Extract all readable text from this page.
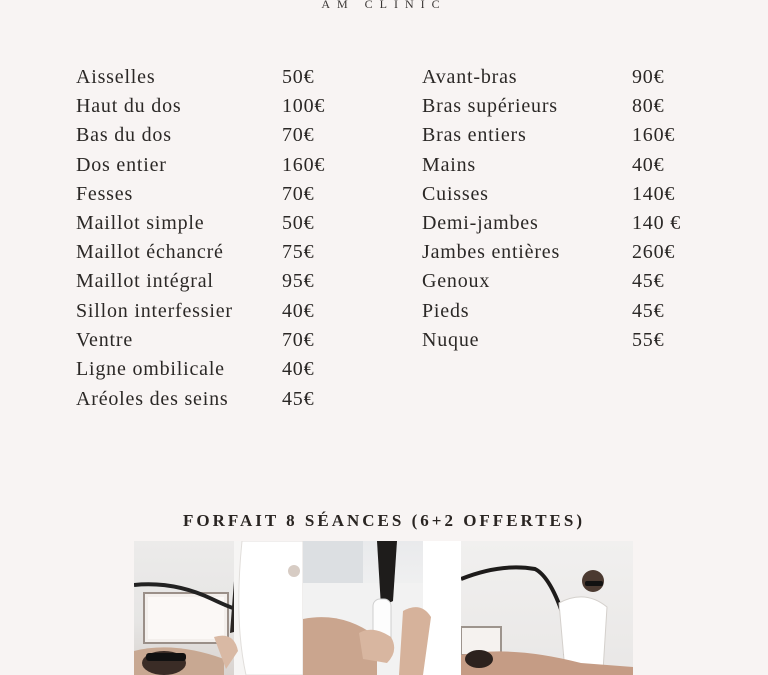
AM CLINIC
Aisselles	50€
Haut du dos	100€
Bas du dos	70€
Dos entier	160€
Fesses	70€
Maillot simple	50€
Maillot échancré	75€
Maillot intégral	95€
Sillon interfessier 40€
Ventre	70€
Ligne ombilicale	40€
Aréoles des seins	45€
Avant-bras	90€
Bras supérieurs	80€
Bras entiers	160€
Mains	40€
Cuisses	140€
Demi-jambes	140 €
Jambes entières	260€
Genoux	45€
Pieds	45€
Nuque	55€
FORFAIT 8 SÉANCES (6+2 OFFERTES)
